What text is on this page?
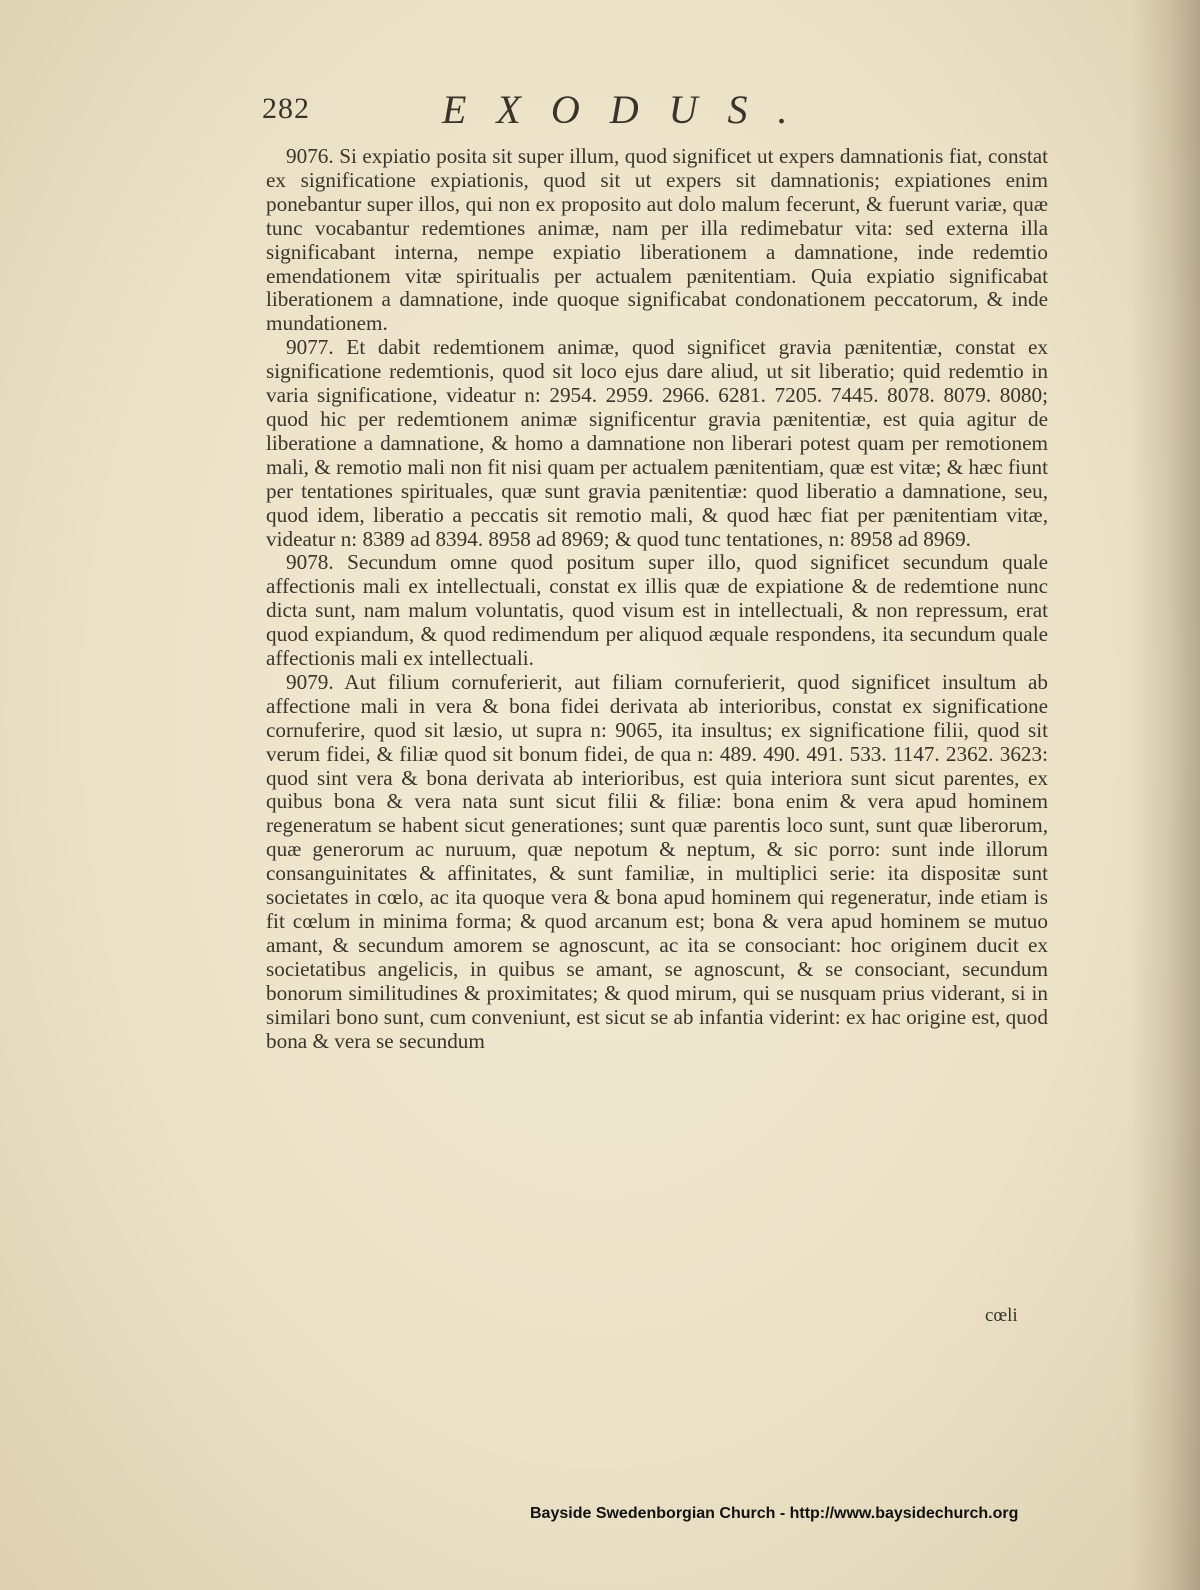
282	EXODUS.

9076. Si expiatio posita sit super illum, quod significet ut expers damnationis fiat, constat ex significatione expiationis, quod sit ut expers sit damnationis; expiationes enim ponebantur super illos, qui non ex proposito aut dolo malum fecerunt, & fuerunt variæ, quæ tunc vocabantur redemtiones animæ, nam per illa redimebatur vita: sed externa illa significabant interna, nempe expiatio liberationem a damnatione, inde redemtio emendationem vitæ spiritualis per actualem pænitentiam. Quia expiatio significabat liberationem a damnatione, inde quoque significabat condonationem peccatorum, & inde mundationem.

9077. Et dabit redemtionem animæ, quod significet gravia pænitentiæ, constat ex significatione redemtionis, quod sit loco ejus dare aliud, ut sit liberatio; quid redemtio in varia significatione, videatur n: 2954. 2959. 2966. 6281. 7205. 7445. 8078. 8079. 8080; quod hic per redemtionem animæ significentur gravia pænitentiæ, est quia agitur de liberatione a damnatione, & homo a damnatione non liberari potest quam per remotionem mali, & remotio mali non fit nisi quam per actualem pænitentiam, quæ est vitæ; & hæc fiunt per tentationes spirituales, quæ sunt gravia pænitentiæ: quod liberatio a damnatione, seu, quod idem, liberatio a peccatis sit remotio mali, & quod hæc fiat per pænitentiam vitæ, videatur n: 8389 ad 8394. 8958 ad 8969; & quod tunc tentationes, n: 8958 ad 8969.

9078. Secundum omne quod positum super illo, quod significet secundum quale affectionis mali ex intellectuali, constat ex illis quæ de expiatione & de redemtione nunc dicta sunt, nam malum voluntatis, quod visum est in intellectuali, & non repressum, erat quod expiandum, & quod redimendum per aliquod æquale respondens, ita secundum quale affectionis mali ex intellectuali.

9079. Aut filium cornuferierit, aut filiam cornuferierit, quod significet insultum ab affectione mali in vera & bona fidei derivata ab interioribus, constat ex significatione cornuferire, quod sit læsio, ut supra n: 9065, ita insultus; ex significatione filii, quod sit verum fidei, & filiæ quod sit bonum fidei, de qua n: 489. 490. 491. 533. 1147. 2362. 3623: quod sint vera & bona derivata ab interioribus, est quia interiora sunt sicut parentes, ex quibus bona & vera nata sunt sicut filii & filiæ: bona enim & vera apud hominem regeneratum se habent sicut generationes; sunt quæ parentis loco sunt, sunt quæ liberorum, quæ generorum ac nuruum, quæ nepotum & neptum, & sic porro: sunt inde illorum consanguinitates & affinitates, & sunt familiæ, in multiplici serie: ita dispositæ sunt societates in cœlo, ac ita quoque vera & bona apud hominem qui regeneratur, inde etiam is fit cœlum in minima forma; & quod arcanum est; bona & vera apud hominem se mutuo amant, & secundum amorem se agnoscunt, ac ita se consociant: hoc originem ducit ex societatibus angelicis, in quibus se amant, se agnoscunt, & se consociant, secundum bonorum similitudines & proximitates; & quod mirum, qui se nusquam prius viderant, si in similari bono sunt, cum conveniunt, est sicut se ab infantia viderint: ex hac origine est, quod bona & vera se secundum

cœli
Bayside Swedenborgian Church - http://www.baysidechurch.org
